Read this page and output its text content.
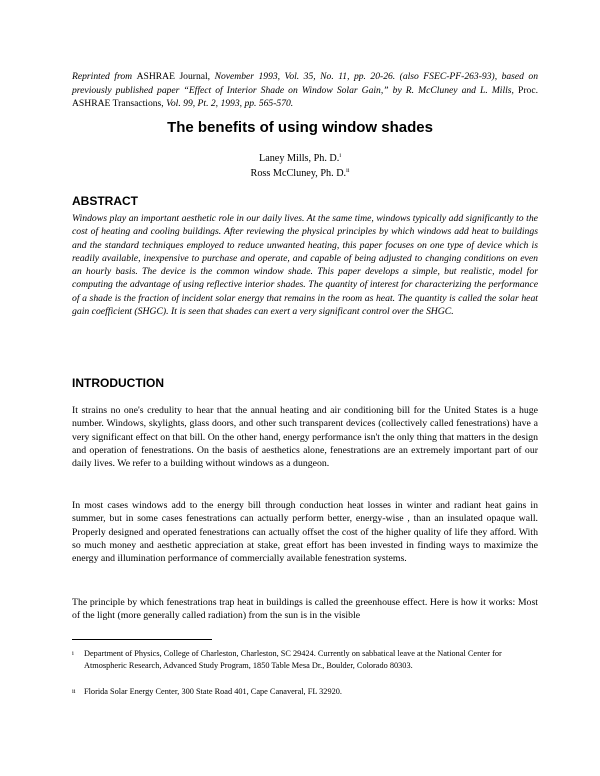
Reprinted from ASHRAE Journal, November 1993, Vol. 35, No. 11, pp. 20-26. (also FSEC-PF-263-93), based on previously published paper “Effect of Interior Shade on Window Solar Gain,” by R. McCluney and L. Mills, Proc. ASHRAE Transactions, Vol. 99, Pt. 2, 1993, pp. 565-570.
The benefits of using window shades
Laney Mills, Ph. D.$^i$
Ross McCluney, Ph. D.$^{ii}$
ABSTRACT
Windows play an important aesthetic role in our daily lives. At the same time, windows typically add significantly to the cost of heating and cooling buildings. After reviewing the physical principles by which windows add heat to buildings and the standard techniques employed to reduce unwanted heating, this paper focuses on one type of device which is readily available, inexpensive to purchase and operate, and capable of being adjusted to changing conditions on even an hourly basis. The device is the common window shade. This paper develops a simple, but realistic, model for computing the advantage of using reflective interior shades. The quantity of interest for characterizing the performance of a shade is the fraction of incident solar energy that remains in the room as heat. The quantity is called the solar heat gain coefficient (SHGC). It is seen that shades can exert a very significant control over the SHGC.
INTRODUCTION
It strains no one's credulity to hear that the annual heating and air conditioning bill for the United States is a huge number. Windows, skylights, glass doors, and other such transparent devices (collectively called fenestrations) have a very significant effect on that bill. On the other hand, energy performance isn't the only thing that matters in the design and operation of fenestrations. On the basis of aesthetics alone, fenestrations are an extremely important part of our daily lives. We refer to a building without windows as a dungeon.
In most cases windows add to the energy bill through conduction heat losses in winter and radiant heat gains in summer, but in some cases fenestrations can actually perform better, energy-wise , than an insulated opaque wall. Properly designed and operated fenestrations can actually offset the cost of the higher quality of life they afford. With so much money and aesthetic appreciation at stake, great effort has been invested in finding ways to maximize the energy and illumination performance of commercially available fenestration systems.
The principle by which fenestrations trap heat in buildings is called the greenhouse effect. Here is how it works: Most of the light (more generally called radiation) from the sun is in the visible
i Department of Physics, College of Charleston, Charleston, SC 29424. Currently on sabbatical leave at the National Center for Atmospheric Research, Advanced Study Program, 1850 Table Mesa Dr., Boulder, Colorado 80303.
ii Florida Solar Energy Center, 300 State Road 401, Cape Canaveral, FL 32920.
